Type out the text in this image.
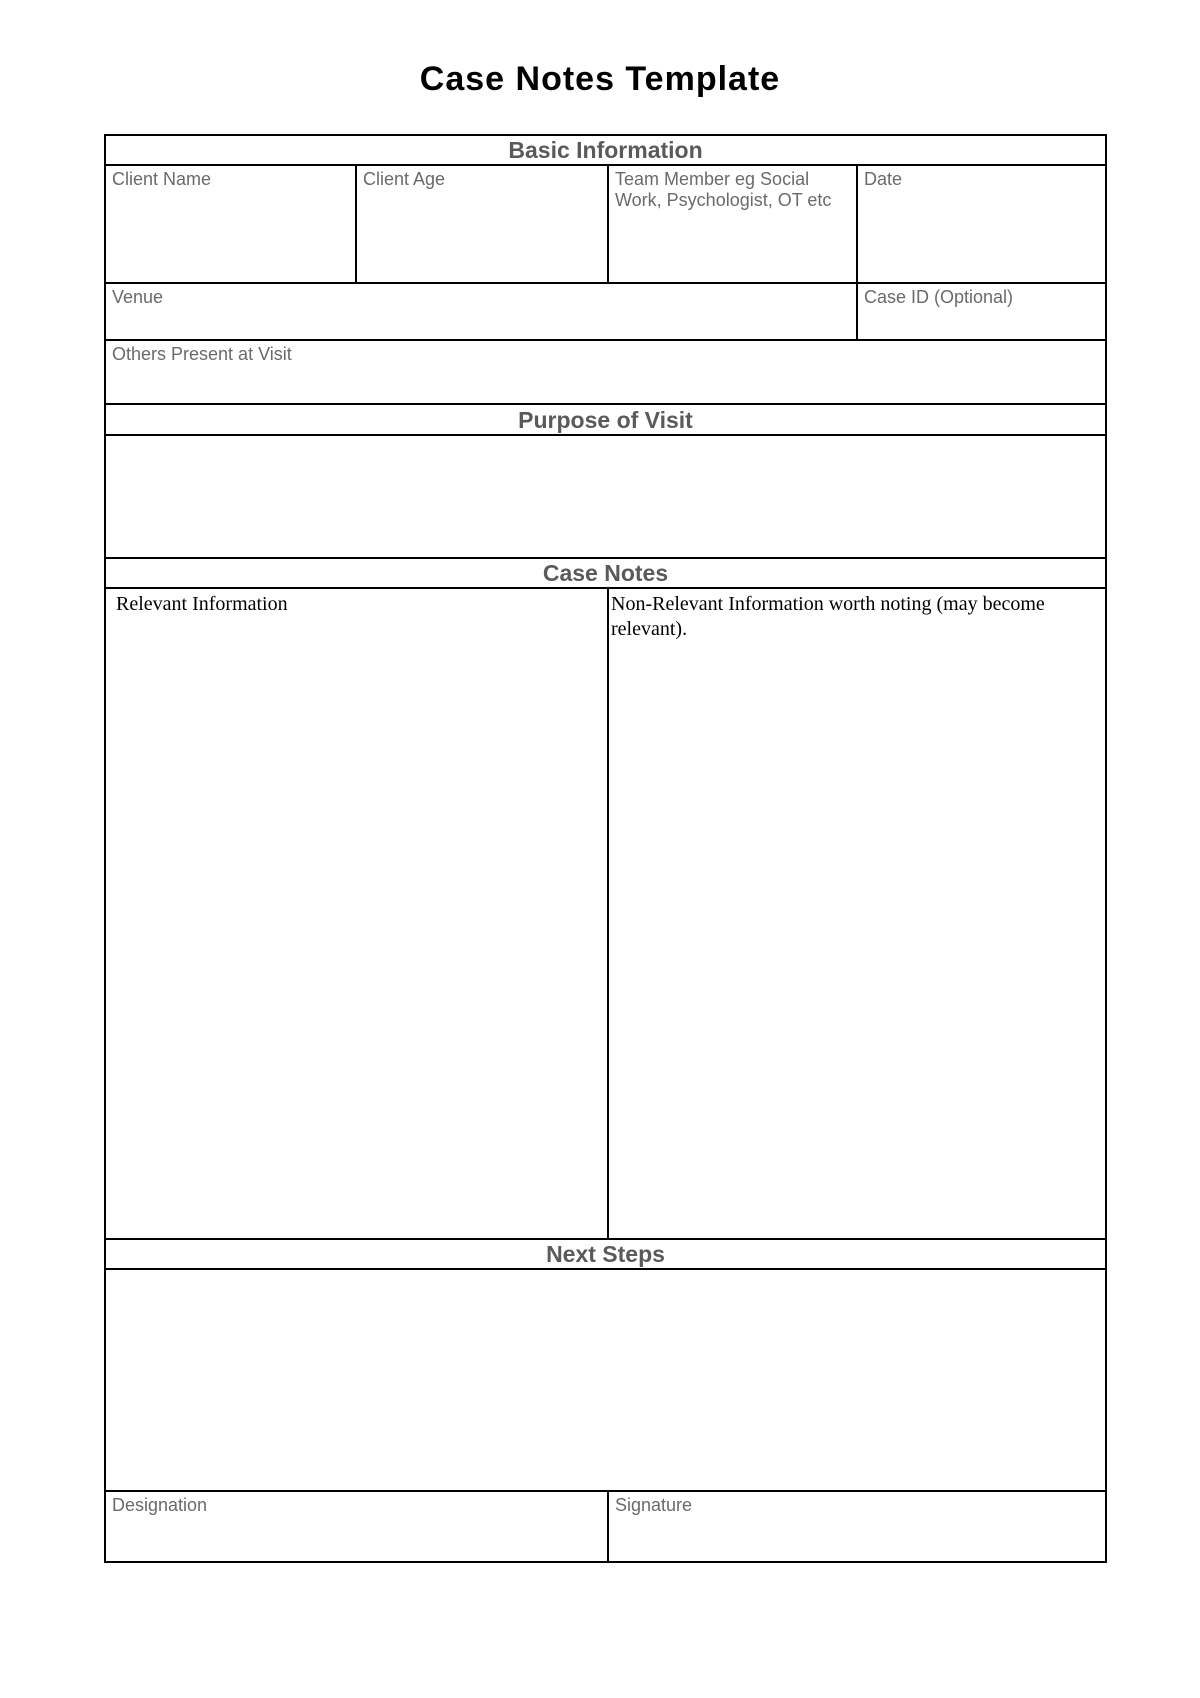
Case Notes Template
Basic Information			

Client Name	Client Age	Team Member eg Social Work, Psychologist, OT etc	Date

Venue			Case ID (Optional)

Others Present at Visit			

Purpose of Visit			

Case Notes			

Relevant Information		Non-Relevant Information worth noting (may become relevant).	

Next Steps			

Designation		Signature	
